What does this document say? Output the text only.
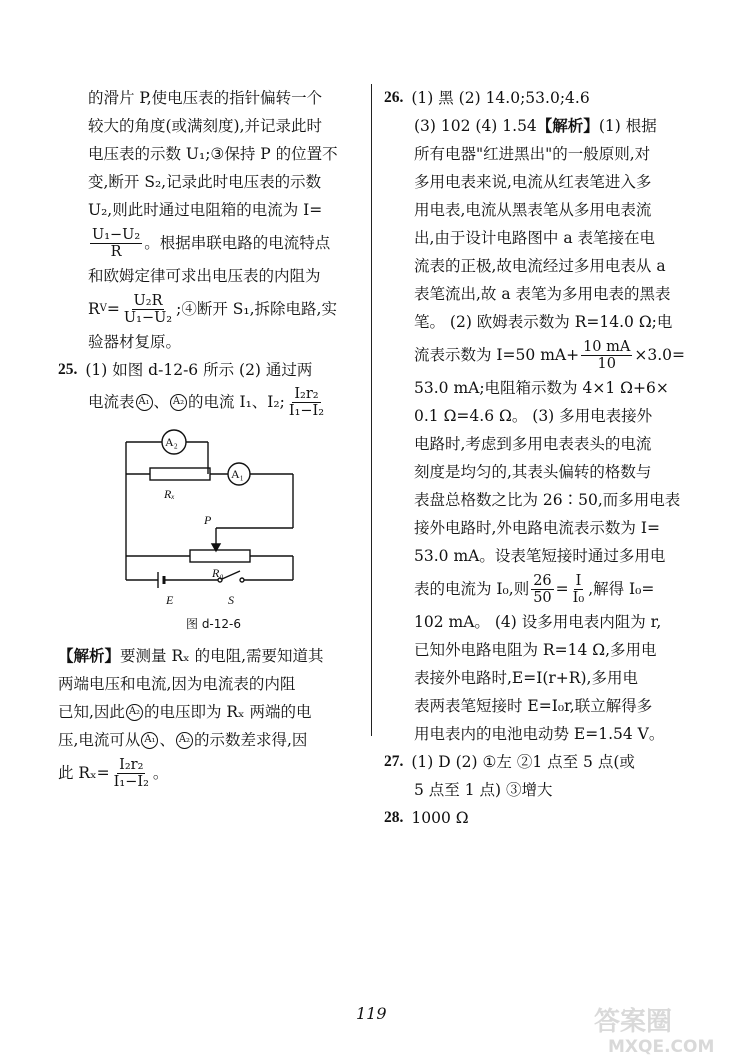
的滑片 P,使电压表的指针偏转一个
较大的角度(或满刻度),并记录此时
电压表的示数 U₁;③保持 P 的位置不
变,断开 S₂,记录此时电压表的示数
U₂,则此时通过电阻箱的电流为 I=
$\frac{\text{U₁−U₂}}{R}$ 。根据串联电路的电流特点
和欧姆定律可求出电压表的内阻为
R $V = \frac{\text{U₂R}}{\text{U₁−U₂}}$ ;④断开 S₁,拆除电路,实
验器材复原。
25. (1) 如图 d-12-6 所示 (2) 通过两
电流表 A₁ 、 A₂ 的电流 I₁、I₂; $\frac{\text{I₂r₂}}{\text{I₁−I₂}}$
A₂
A₁
Rₓ
P
R₀
E	S
图 d-12-6
【解析】 要测量 Rₓ 的电阻,需要知道其
两端电压和电流,因为电流表的内阻
已知,因此 A₂ 的电压即为 Rₓ 两端的电
压,电流可从 A₁ 、 A₂ 的示数差求得,因
此 $R_x= \frac{\text{I₂r₂}}{\text{I₁−I₂}}$ 。
26. (1) 黑 (2) 14.0;53.0;4.6
(3) 102 (4) 1.54 【解析】 (1) 根据
所有电器"红进黑出"的一般原则,对
多用电表来说,电流从红表笔进入多
用电表,电流从黑表笔从多用电表流
出,由于设计电路图中 a 表笔接在电
流表的正极,故电流经过多用电表从 a
表笔流出,故 a 表笔为多用电表的黑表
笔。 (2) 欧姆表示数为 R=14.0 Ω;电
流表示数为 I=50 $mA+ \frac{10 mA}{10} \times 3.0=$
53.0 mA;电阻箱示数为 4×1 Ω+6×
0.1 Ω=4.6 Ω。 (3) 多用电表接外
电路时,考虑到多用电表表头的电流
刻度是均匀的,其表头偏转的格数与
表盘总格数之比为 26∶50,而多用电表
接外电路时,外电路电流表示数为 I=
53.0 mA。设表笔短接时通过多用电
表的电流为 I₀,则 $\frac{26}{50} = \frac{I}{\text{I₀}}$ ,解得 I₀=
102 mA。 (4) 设多用电表内阻为 r,
已知外电路电阻为 R=14 Ω,多用电
表接外电路时,E=I(r+R),多用电
表两表笔短接时 E=I₀r,联立解得多
用电表内的电池电动势 E=1.54 V。
27. (1) D (2) ①左 ②1 点至 5 点(或
5 点至 1 点) ③增大
28. 1000 Ω
119	答案圈
MXQE.COM
